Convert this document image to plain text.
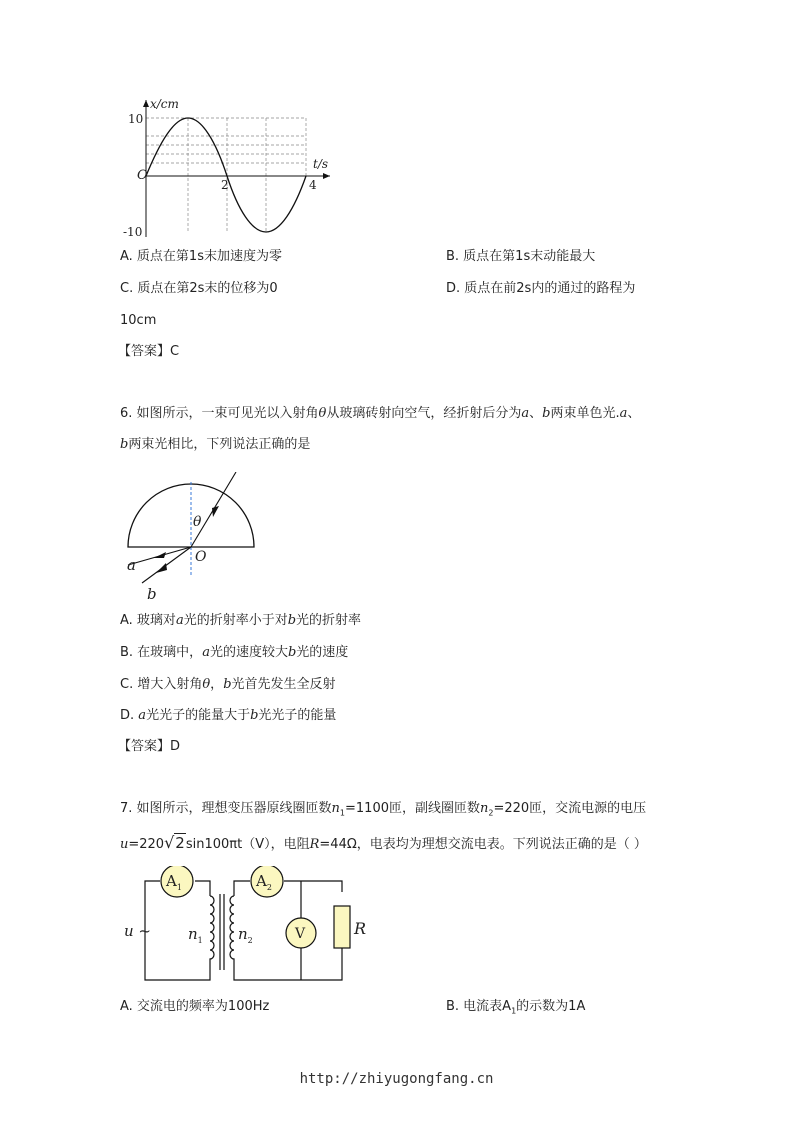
x/cm
10
O
2	4
t/s
-10
A. 质点在第1s末加速度为零	B. 质点在第1s末动能最大
C. 质点在第2s末的位移为0	D. 质点在前2s内的通过的路程为
10cm
【答案】C
6. 如图所示，一束可见光以入射角θ从玻璃砖射向空气，经折射后分为a、b两束单色光.a、
b两束光相比，下列说法正确的是
θ
O
a
b
A. 玻璃对a光的折射率小于对b光的折射率
B. 在玻璃中，a光的速度较大b光的速度
C. 增大入射角θ，b光首先发生全反射
D. a光光子的能量大于b光光子的能量
【答案】D
7. 如图所示，理想变压器原线圈匝数$n_1=1100$匝，副线圈匝数$n_2=220$匝，交流电源的电压
u=220√2sin100πt（V），电阻R=44Ω，电表均为理想交流电表。下列说法正确的是（ ）
$A_1$	$A_2$
V	R
u ~ $n_1$ $n_2$
A. 交流电的频率为100Hz	B. 电流表$A_1$的示数为1A
http://zhiyugongfang.cn
